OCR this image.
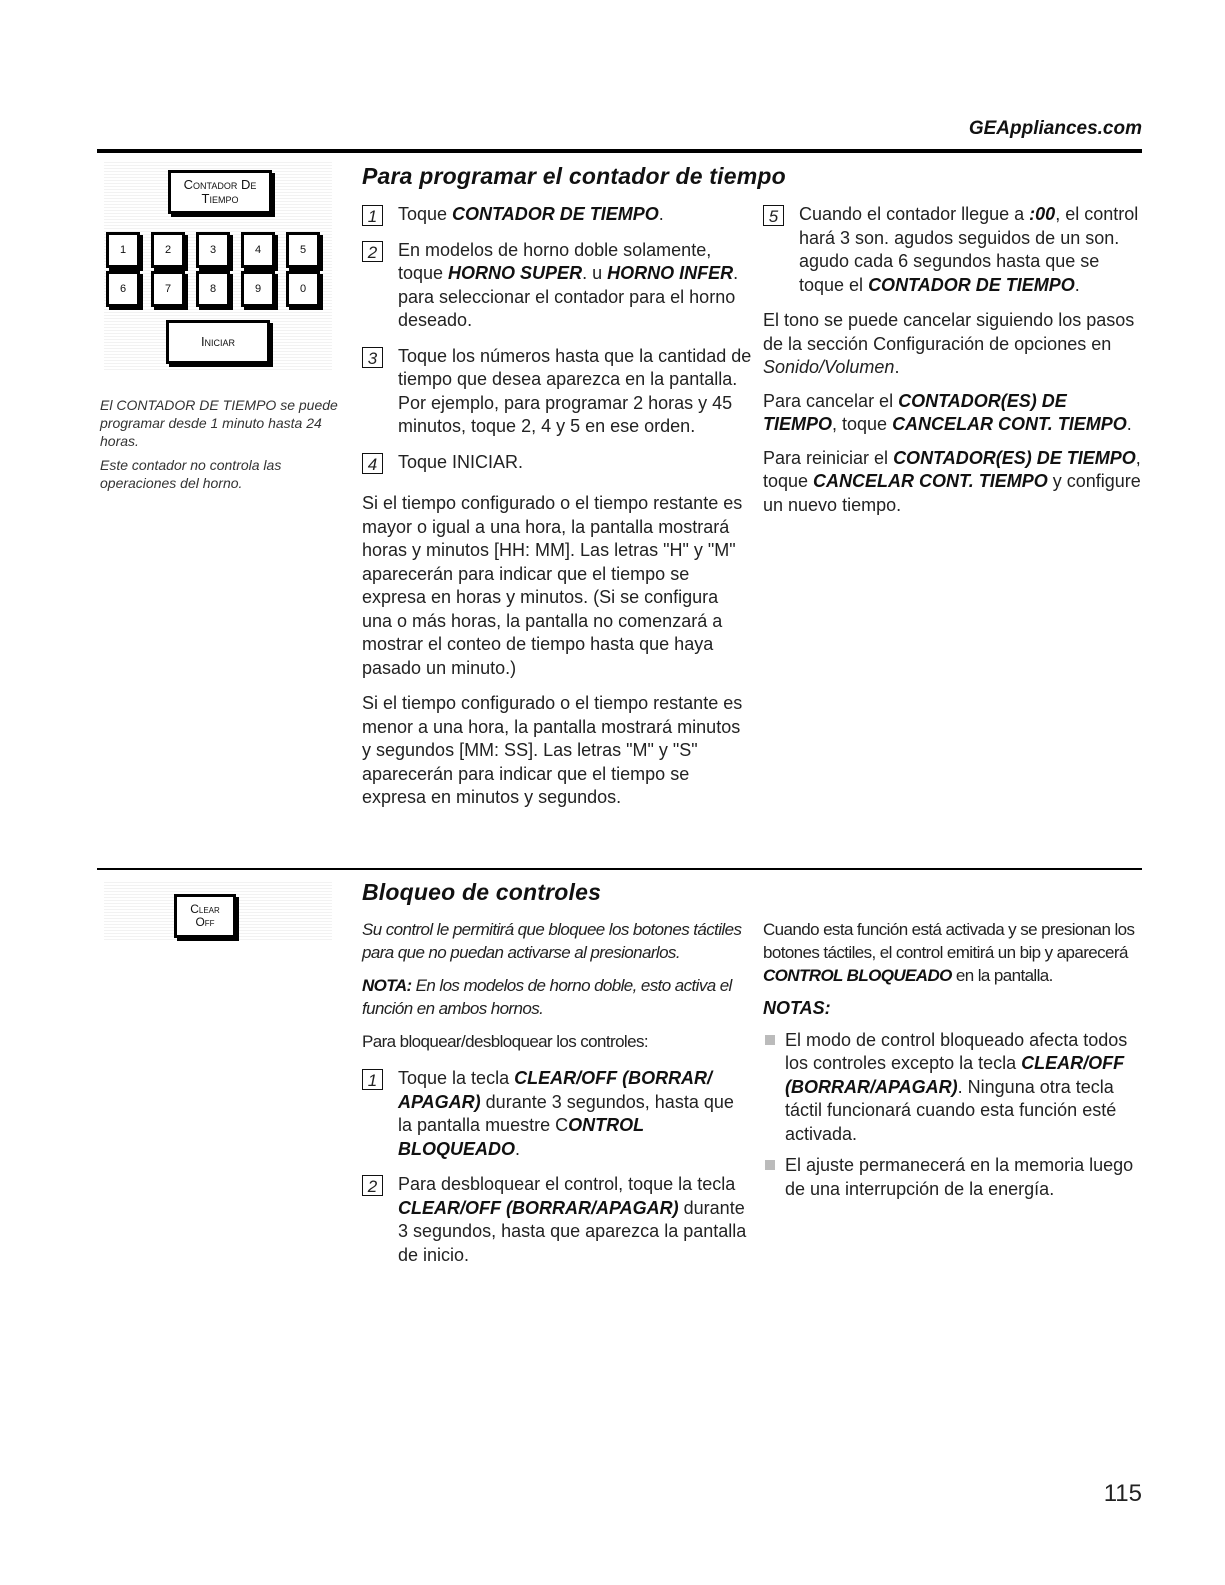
GEAppliances.com
Contador De
Tiempo
1	2	3	4	5
6	7	8	9	0
Iniciar

El CONTADOR DE TIEMPO se puede programar desde 1 minuto hasta 24 horas.

Este contador no controla las operaciones del horno.

Para programar el contador de tiempo
1	Toque CONTADOR DE TIEMPO.
2	En modelos de horno doble solamente, toque HORNO SUPER. u HORNO INFER. para seleccionar el contador para el horno deseado.
3	Toque los números hasta que la cantidad de tiempo que desea aparezca en la pantalla. Por ejemplo, para programar 2 horas y 45 minutos, toque 2, 4 y 5 en ese orden.
4	Toque INICIAR.

Si el tiempo configurado o el tiempo restante es mayor o igual a una hora, la pantalla mostrará horas y minutos [HH: MM]. Las letras "H" y "M" aparecerán para indicar que el tiempo se expresa en horas y minutos. (Si se configura una o más horas, la pantalla no comenzará a mostrar el conteo de tiempo hasta que haya pasado un minuto.)

Si el tiempo configurado o el tiempo restante es menor a una hora, la pantalla mostrará minutos y segundos [MM: SS]. Las letras "M" y "S" aparecerán para indicar que el tiempo se expresa en minutos y segundos.

5	Cuando el contador llegue a :00, el control hará 3 son. agudos seguidos de un son. agudo cada 6 segundos hasta que se toque el CONTADOR DE TIEMPO.

El tono se puede cancelar siguiendo los pasos de la sección Configuración de opciones en Sonido/Volumen.

Para cancelar el CONTADOR(ES) DE TIEMPO, toque CANCELAR CONT. TIEMPO.

Para reiniciar el CONTADOR(ES) DE TIEMPO, toque CANCELAR CONT. TIEMPO y configure un nuevo tiempo.

Clear
Off
Bloqueo de controles

Su control le permitirá que bloquee los botones táctiles para que no puedan activarse al presionarlos.

NOTA: En los modelos de horno doble, esto activa el función en ambos hornos.

Para bloquear/desbloquear los controles:

1	Toque la tecla CLEAR/OFF (BORRAR/ APAGAR) durante 3 segundos, hasta que la pantalla muestre CONTROL BLOQUEADO.
2	Para desbloquear el control, toque la tecla CLEAR/OFF (BORRAR/APAGAR) durante 3 segundos, hasta que aparezca la pantalla de inicio.

Cuando esta función está activada y se presionan los botones táctiles, el control emitirá un bip y aparecerá CONTROL BLOQUEADO en la pantalla.

NOTAS:

El modo de control bloqueado afecta todos los controles excepto la tecla CLEAR/OFF (BORRAR/APAGAR). Ninguna otra tecla táctil funcionará cuando esta función esté activada.
El ajuste permanecerá en la memoria luego de una interrupción de la energía.
115
